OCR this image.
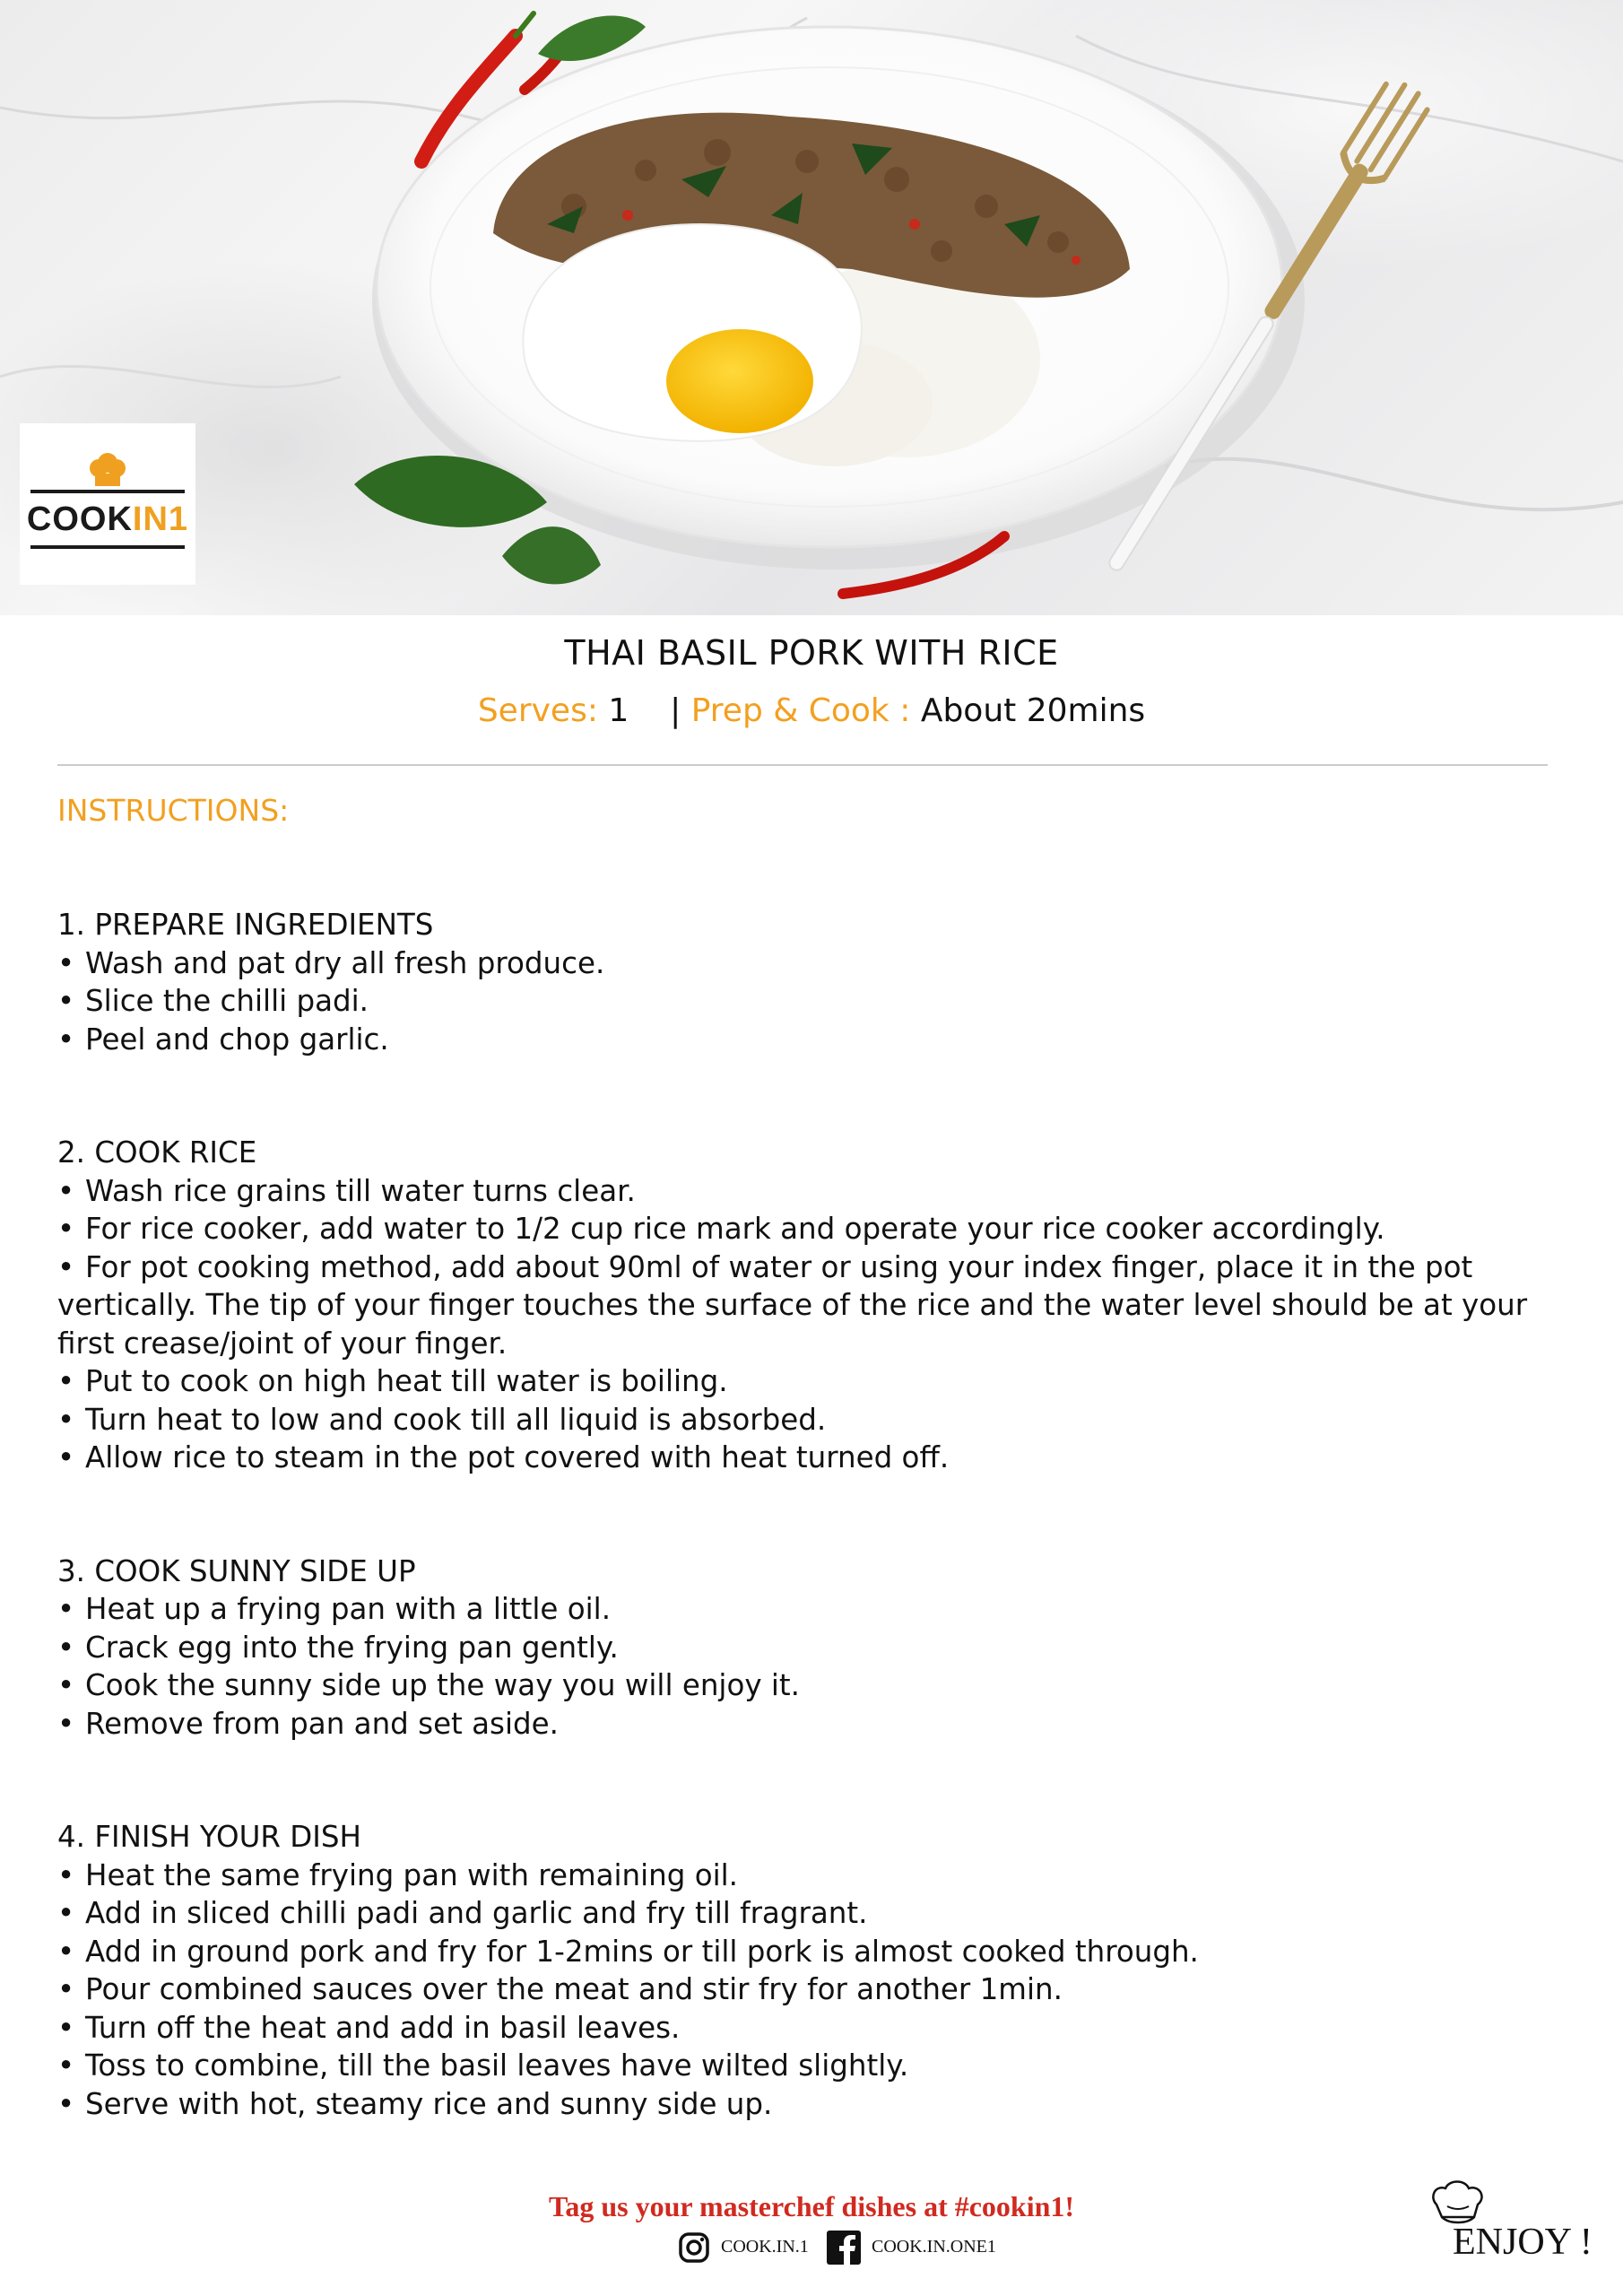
COOKIN1
THAI BASIL PORK WITH RICE
Serves: 1 | Prep & Cook : About 20mins
INSTRUCTIONS:
1. PREPARE INGREDIENTS
• Wash and pat dry all fresh produce.
• Slice the chilli padi.
• Peel and chop garlic.
2. COOK RICE
• Wash rice grains till water turns clear.
• For rice cooker, add water to 1/2 cup rice mark and operate your rice cooker accordingly.
• For pot cooking method, add about 90ml of water or using your index finger, place it in the pot vertically. The tip of your finger touches the surface of the rice and the water level should be at your first crease/joint of your finger.
• Put to cook on high heat till water is boiling.
• Turn heat to low and cook till all liquid is absorbed.
• Allow rice to steam in the pot covered with heat turned off.
3. COOK SUNNY SIDE UP
• Heat up a frying pan with a little oil.
• Crack egg into the frying pan gently.
• Cook the sunny side up the way you will enjoy it.
• Remove from pan and set aside.
4. FINISH YOUR DISH
• Heat the same frying pan with remaining oil.
• Add in sliced chilli padi and garlic and fry till fragrant.
• Add in ground pork and fry for 1-2mins or till pork is almost cooked through.
• Pour combined sauces over the meat and stir fry for another 1min.
• Turn off the heat and add in basil leaves.
• Toss to combine, till the basil leaves have wilted slightly.
• Serve with hot, steamy rice and sunny side up.
Tag us your masterchef dishes at #cookin1!
COOK.IN.1	COOK.IN.ONE1	ENJOY !
